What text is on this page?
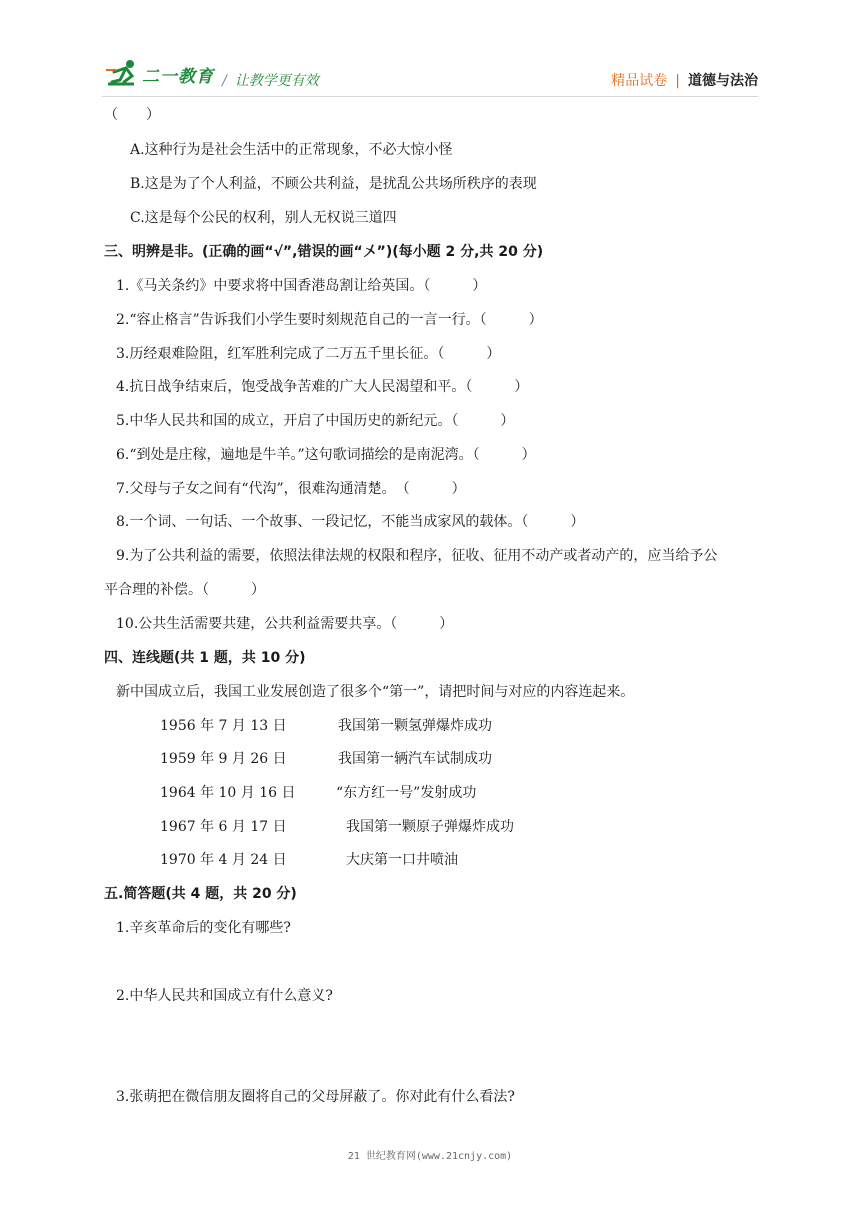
二一教育 / 让教学更有效	精品试卷 | 道德与法治
（　　）
A.这种行为是社会生活中的正常现象，不必大惊小怪
B.这是为了个人利益，不顾公共利益，是扰乱公共场所秩序的表现
C.这是每个公民的权利，别人无权说三道四
三、明辨是非。(正确的画“√”,错误的画“〤”)(每小题 2 分,共 20 分)
1.《马关条约》中要求将中国香港岛割让给英国。（　　　）
2.“容止格言”告诉我们小学生要时刻规范自己的一言一行。（　　　）
3.历经艰难险阻，红军胜利完成了二万五千里长征。（　　　）
4.抗日战争结束后，饱受战争苦难的广大人民渴望和平。（　　　）
5.中华人民共和国的成立，开启了中国历史的新纪元。（　　　）
6.“到处是庄稼，遍地是牛羊。”这句歌词描绘的是南泥湾。（　　　）
7.父母与子女之间有“代沟”，很难沟通清楚。　（　　　）
8.一个词、一句话、一个故事、一段记忆，不能当成家风的载体。（　　　）
9.为了公共利益的需要，依照法律法规的权限和程序，征收、征用不动产或者动产的，应当给予公
平合理的补偿。（　　　）
10.公共生活需要共建，公共利益需要共享。（　　　）
四、连线题(共 1 题，共 10 分)
新中国成立后，我国工业发展创造了很多个“第一”，请把时间与对应的内容连起来。
1956 年 7 月 13 日	我国第一颗氢弹爆炸成功
1959 年 9 月 26 日	我国第一辆汽车试制成功
1964 年 10 月 16 日	“东方红一号”发射成功
1967 年 6 月 17 日	我国第一颗原子弹爆炸成功
1970 年 4 月 24 日	大庆第一口井喷油
五.简答题(共 4 题，共 20 分)
1.辛亥革命后的变化有哪些?
2.中华人民共和国成立有什么意义?
3.张萌把在微信朋友圈将自己的父母屏蔽了。你对此有什么看法?
21 世纪教育网(www.21cnjy.com)
